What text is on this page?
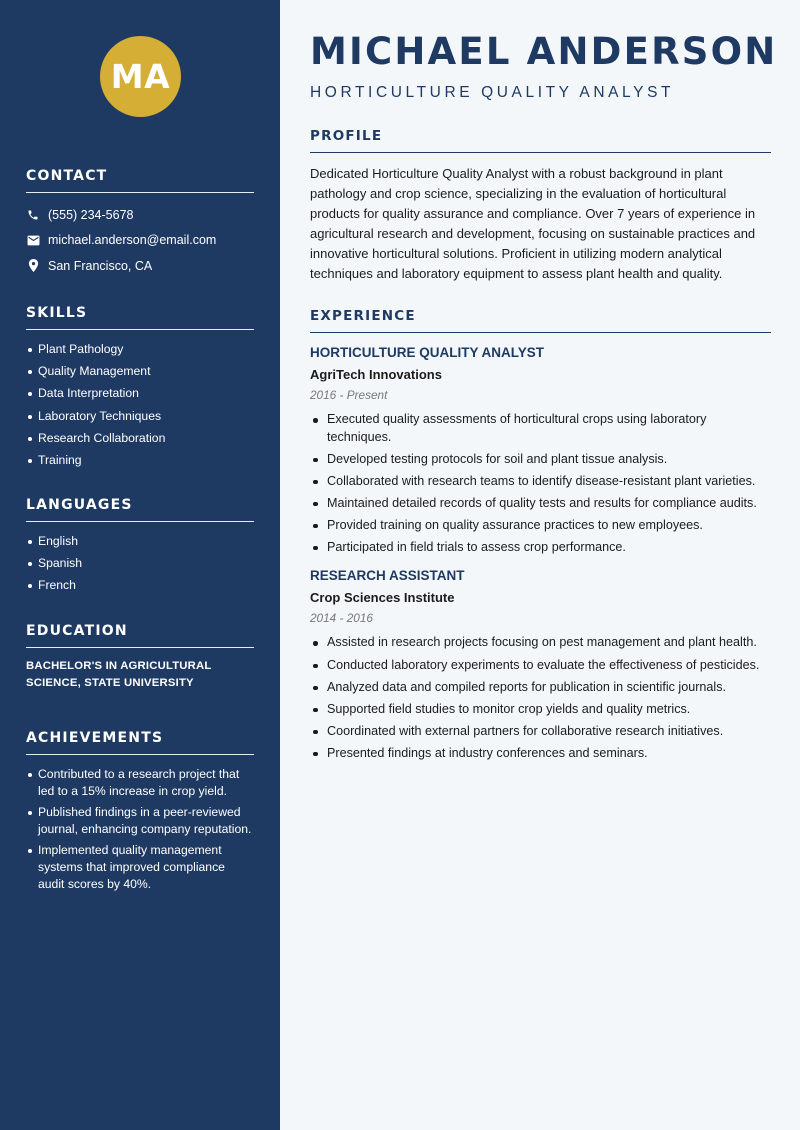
MA
CONTACT
(555) 234-5678
michael.anderson@email.com
San Francisco, CA
SKILLS
Plant Pathology
Quality Management
Data Interpretation
Laboratory Techniques
Research Collaboration
Training
LANGUAGES
English
Spanish
French
EDUCATION
BACHELOR'S IN AGRICULTURAL SCIENCE, STATE UNIVERSITY
ACHIEVEMENTS
Contributed to a research project that led to a 15% increase in crop yield.
Published findings in a peer-reviewed journal, enhancing company reputation.
Implemented quality management systems that improved compliance audit scores by 40%.
MICHAEL ANDERSON
HORTICULTURE QUALITY ANALYST
PROFILE
Dedicated Horticulture Quality Analyst with a robust background in plant pathology and crop science, specializing in the evaluation of horticultural products for quality assurance and compliance. Over 7 years of experience in agricultural research and development, focusing on sustainable practices and innovative horticultural solutions. Proficient in utilizing modern analytical techniques and laboratory equipment to assess plant health and quality.
EXPERIENCE
HORTICULTURE QUALITY ANALYST
AgriTech Innovations
2016 - Present
Executed quality assessments of horticultural crops using laboratory techniques.
Developed testing protocols for soil and plant tissue analysis.
Collaborated with research teams to identify disease-resistant plant varieties.
Maintained detailed records of quality tests and results for compliance audits.
Provided training on quality assurance practices to new employees.
Participated in field trials to assess crop performance.
RESEARCH ASSISTANT
Crop Sciences Institute
2014 - 2016
Assisted in research projects focusing on pest management and plant health.
Conducted laboratory experiments to evaluate the effectiveness of pesticides.
Analyzed data and compiled reports for publication in scientific journals.
Supported field studies to monitor crop yields and quality metrics.
Coordinated with external partners for collaborative research initiatives.
Presented findings at industry conferences and seminars.
